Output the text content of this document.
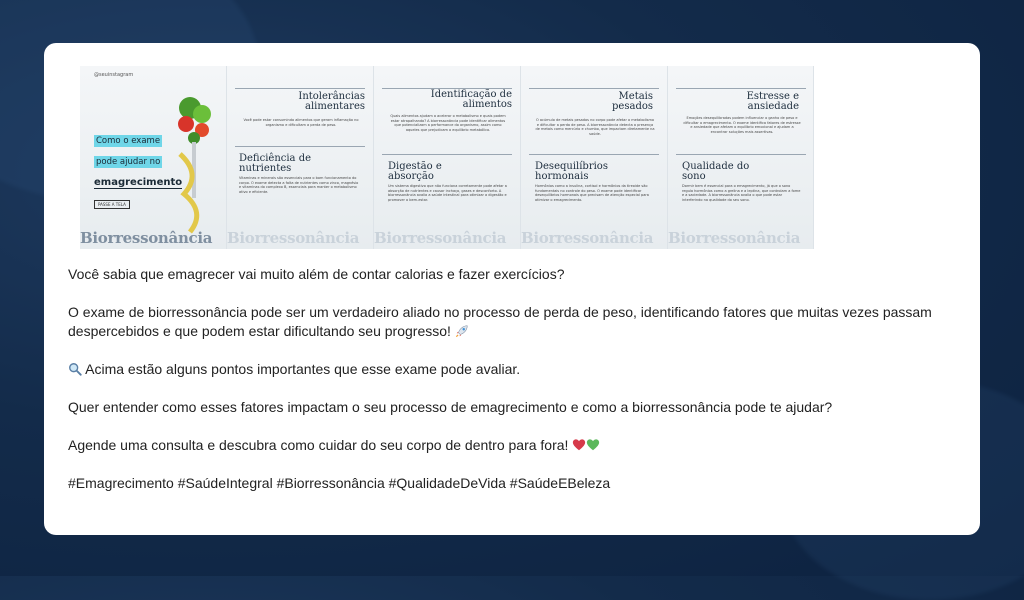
@seuinstagram
Como o exame
pode ajudar no
emagrecimento
PASSE A TELA
Biorressonância
Intolerâncias alimentares
Você pode estar consumindo alimentos que geram inflamação no organismo e dificultam a perda de peso.
Deficiência de nutrientes
Vitaminas e minerais são essenciais para o bom funcionamento do corpo. O exame detecta a falta de nutrientes como zinco, magnésio e vitaminas do complexo B, essenciais para manter o metabolismo ativo e eficiente.
Biorressonância
Identificação de alimentos
Quais alimentos ajudam a acelerar o metabolismo e quais podem estar atrapalhando? A biorressonância pode identificar alimentos que potencializam a performance do organismo, assim como aqueles que prejudicam o equilíbrio metabólico.
Digestão e absorção
Um sistema digestivo que não funciona corretamente pode afetar a absorção de nutrientes e causar inchaço, gases e desconforto. A biorressonância avalia a saúde intestinal para otimizar a digestão e promover o bem-estar.
Biorressonância
Metais pesados
O acúmulo de metais pesados no corpo pode afetar o metabolismo e dificultar a perda de peso. A biorressonância detecta a presença de metais como mercúrio e chumbo, que impactam diretamente na saúde.
Desequilíbrios hormonais
Hormônios como a insulina, cortisol e hormônios da tireoide são fundamentais no controle do peso. O exame pode identificar desequilíbrios hormonais que precisam de atenção especial para otimizar o emagrecimento.
Biorressonância
Estresse e ansiedade
Emoções desequilibradas podem influenciar o ganho de peso e dificultar o emagrecimento. O exame identifica fatores de estresse e ansiedade que afetam o equilíbrio emocional e ajudam a encontrar soluções mais assertivas.
Qualidade do sono
Dormir bem é essencial para o emagrecimento, já que o sono regula hormônios como a grelina e a leptina, que controlam a fome e a saciedade. A biorressonância avalia o que pode estar interferindo na qualidade do seu sono.
Biorressonância

Você sabia que emagrecer vai muito além de contar calorias e fazer exercícios?

O exame de biorressonância pode ser um verdadeiro aliado no processo de perda de peso, identificando fatores que muitas vezes passam despercebidos e que podem estar dificultando seu progresso!

Acima estão alguns pontos importantes que esse exame pode avaliar.

Quer entender como esses fatores impactam o seu processo de emagrecimento e como a biorressonância pode te ajudar?

Agende uma consulta e descubra como cuidar do seu corpo de dentro para fora!

#Emagrecimento #SaúdeIntegral #Biorressonância #QualidadeDeVida #SaúdeEBeleza
